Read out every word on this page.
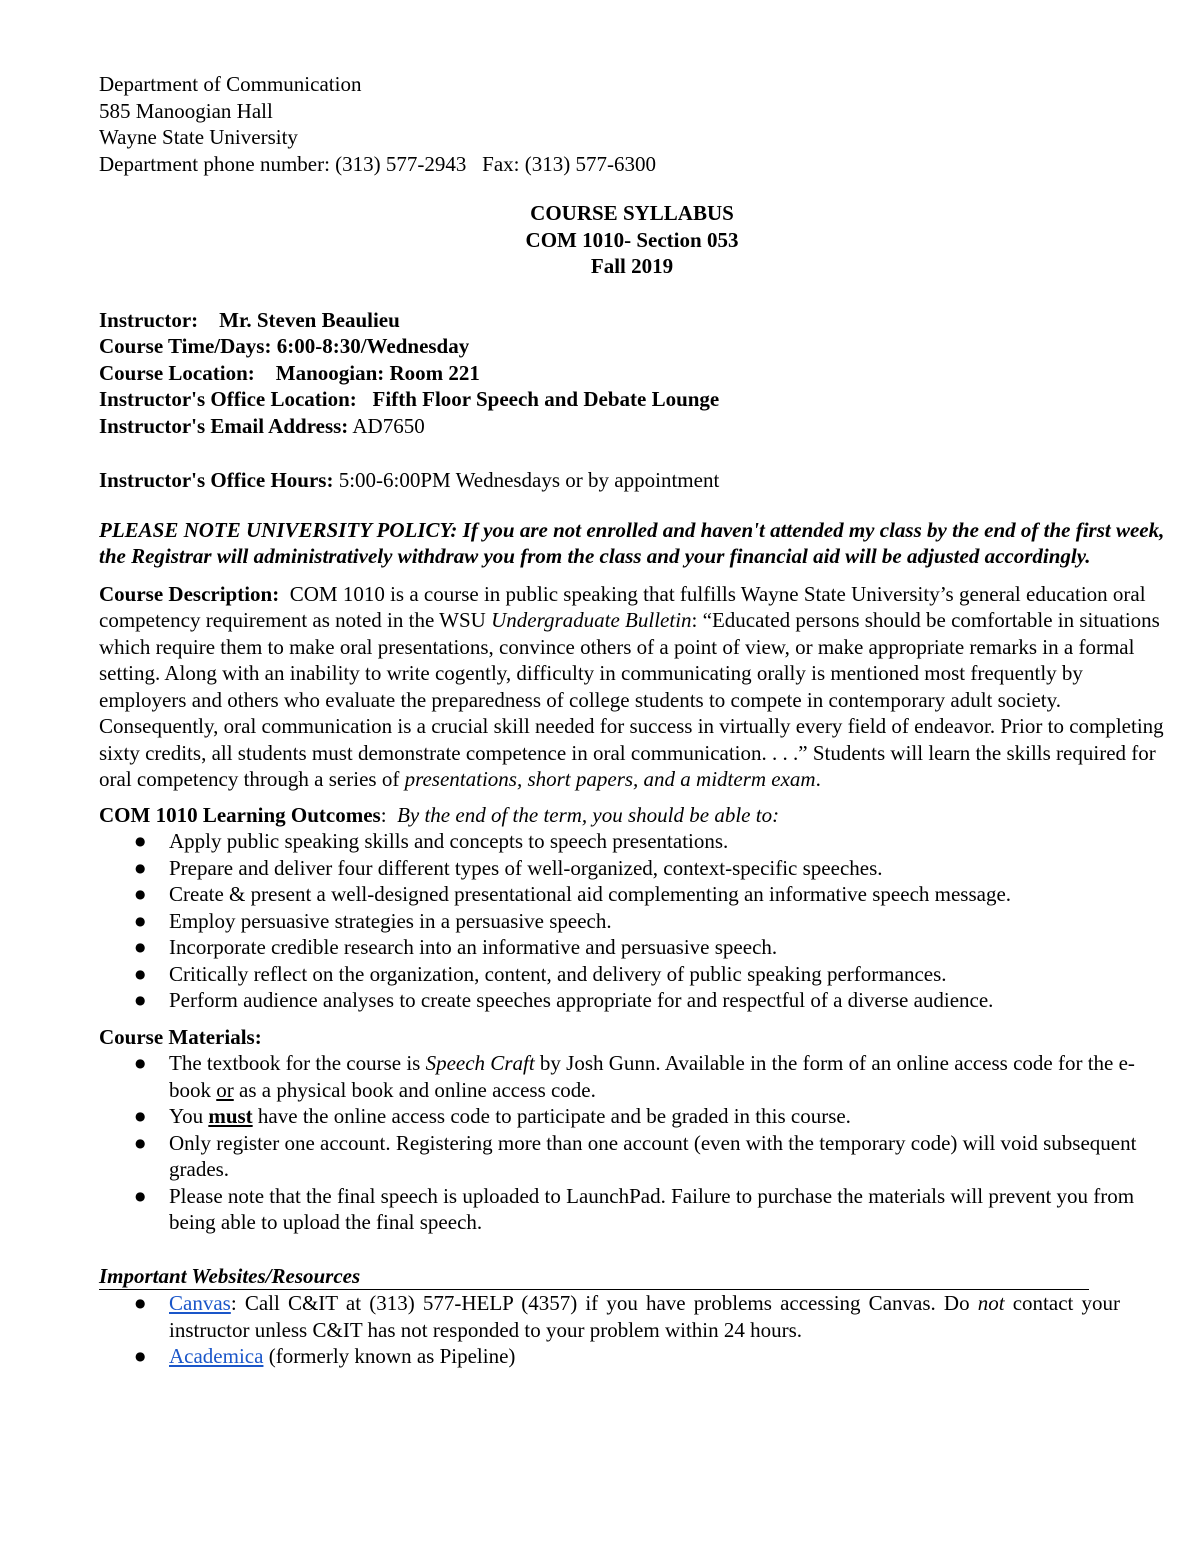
Department of Communication

585 Manoogian Hall

Wayne State University

Department phone number: (313) 577-2943   Fax: (313) 577-6300

COURSE SYLLABUS

COM 1010- Section 053

Fall 2019

Instructor: Mr. Steven Beaulieu

Course Time/Days: 6:00-8:30/Wednesday

Course Location: Manoogian: Room 221

Instructor's Office Location: Fifth Floor Speech and Debate Lounge

Instructor's Email Address: AD7650

Instructor's Office Hours: 5:00-6:00PM Wednesdays or by appointment

PLEASE NOTE UNIVERSITY POLICY: If you are not enrolled and haven't attended my class by the end of the first week, the Registrar will administratively withdraw you from the class and your financial aid will be adjusted accordingly.

Course Description: COM 1010 is a course in public speaking that fulfills Wayne State University’s general education oral competency requirement as noted in the WSU Undergraduate Bulletin: “Educated persons should be comfortable in situations which require them to make oral presentations, convince others of a point of view, or make appropriate remarks in a formal setting. Along with an inability to write cogently, difficulty in communicating orally is mentioned most frequently by employers and others who evaluate the preparedness of college students to compete in contemporary adult society. Consequently, oral communication is a crucial skill needed for success in virtually every field of endeavor. Prior to completing sixty credits, all students must demonstrate competence in oral communication. . . .” Students will learn the skills required for oral competency through a series of presentations, short papers, and a midterm exam.

COM 1010 Learning Outcomes: By the end of the term, you should be able to:

● Apply public speaking skills and concepts to speech presentations.
● Prepare and deliver four different types of well-organized, context-specific speeches.
● Create & present a well-designed presentational aid complementing an informative speech message.
● Employ persuasive strategies in a persuasive speech.
● Incorporate credible research into an informative and persuasive speech.
● Critically reflect on the organization, content, and delivery of public speaking performances.
● Perform audience analyses to create speeches appropriate for and respectful of a diverse audience.

Course Materials:

● The textbook for the course is Speech Craft by Josh Gunn. Available in the form of an online access code for the e-book or as a physical book and online access code.
● You must have the online access code to participate and be graded in this course.
● Only register one account. Registering more than one account (even with the temporary code) will void subsequent grades.
● Please note that the final speech is uploaded to LaunchPad. Failure to purchase the materials will prevent you from being able to upload the final speech.

Important Websites/Resources

● Canvas: Call C&IT at (313) 577-HELP (4357) if you have problems accessing Canvas. Do not contact your instructor unless C&IT has not responded to your problem within 24 hours.
● Academica (formerly known as Pipeline)
